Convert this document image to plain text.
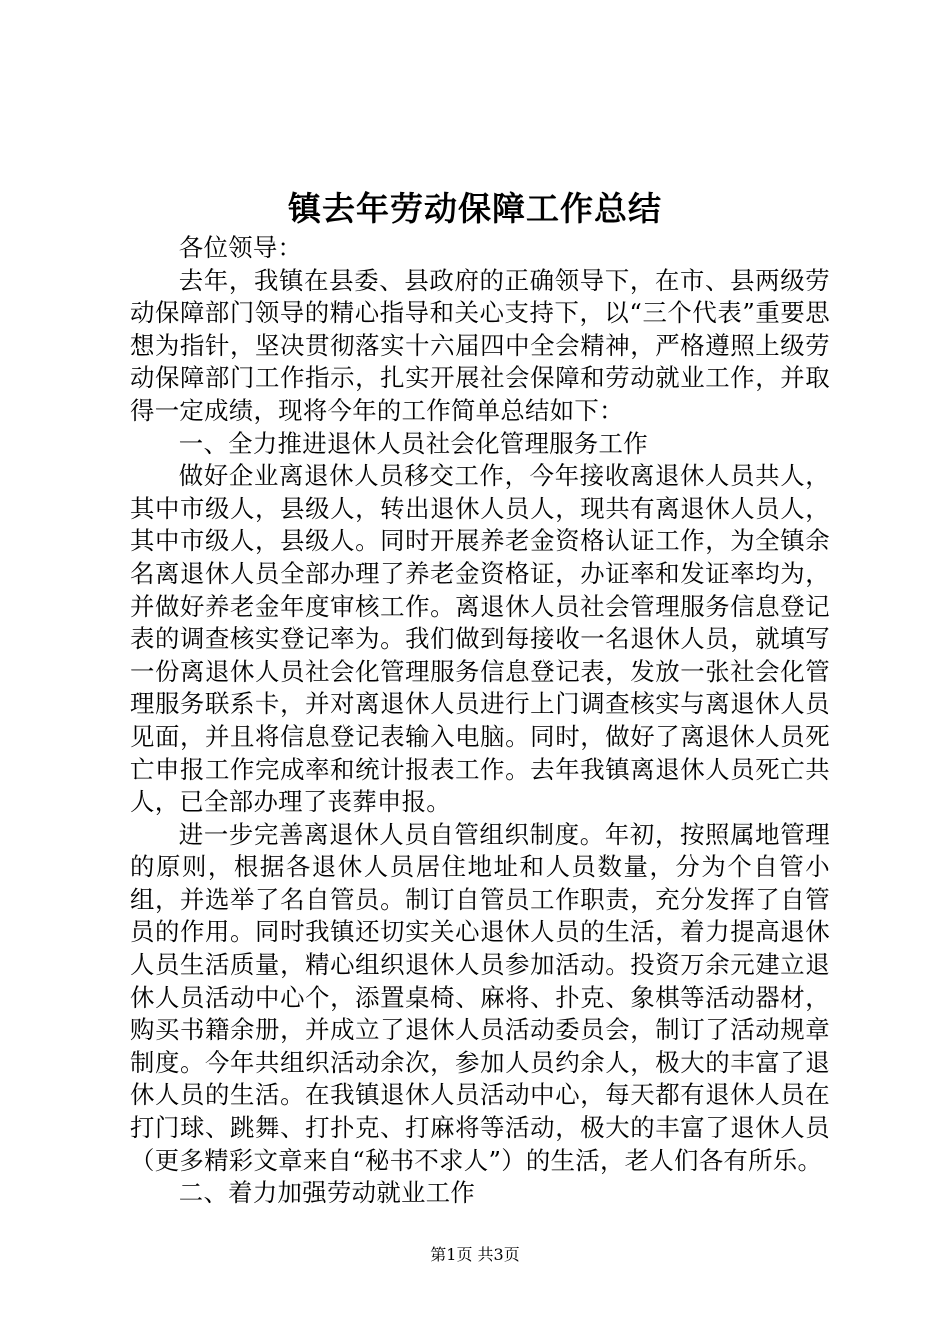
镇去年劳动保障工作总结

各位领导：

去年，我镇在县委、县政府的正确领导下，在市、县两级劳动保障部门领导的精心指导和关心支持下，以“三个代表”重要思想为指针，坚决贯彻落实十六届四中全会精神，严格遵照上级劳动保障部门工作指示，扎实开展社会保障和劳动就业工作，并取得一定成绩，现将今年的工作简单总结如下：

一、全力推进退休人员社会化管理服务工作

做好企业离退休人员移交工作，今年接收离退休人员共人，其中市级人，县级人，转出退休人员人，现共有离退休人员人，其中市级人，县级人。同时开展养老金资格认证工作，为全镇余名离退休人员全部办理了养老金资格证，办证率和发证率均为，并做好养老金年度审核工作。离退休人员社会管理服务信息登记表的调查核实登记率为。我们做到每接收一名退休人员，就填写一份离退休人员社会化管理服务信息登记表，发放一张社会化管理服务联系卡，并对离退休人员进行上门调查核实与离退休人员见面，并且将信息登记表输入电脑。同时，做好了离退休人员死亡申报工作完成率和统计报表工作。去年我镇离退休人员死亡共人，已全部办理了丧葬申报。

进一步完善离退休人员自管组织制度。年初，按照属地管理的原则，根据各退休人员居住地址和人员数量，分为个自管小组，并选举了名自管员。制订自管员工作职责，充分发挥了自管员的作用。同时我镇还切实关心退休人员的生活，着力提高退休人员生活质量，精心组织退休人员参加活动。投资万余元建立退休人员活动中心个，添置桌椅、麻将、扑克、象棋等活动器材，购买书籍余册，并成立了退休人员活动委员会，制订了活动规章制度。今年共组织活动余次，参加人员约余人，极大的丰富了退休人员的生活。在我镇退休人员活动中心，每天都有退休人员在打门球、跳舞、打扑克、打麻将等活动，极大的丰富了退休人员（更多精彩文章来自“秘书不求人”）的生活，老人们各有所乐。

二、着力加强劳动就业工作

第1页 共3页
